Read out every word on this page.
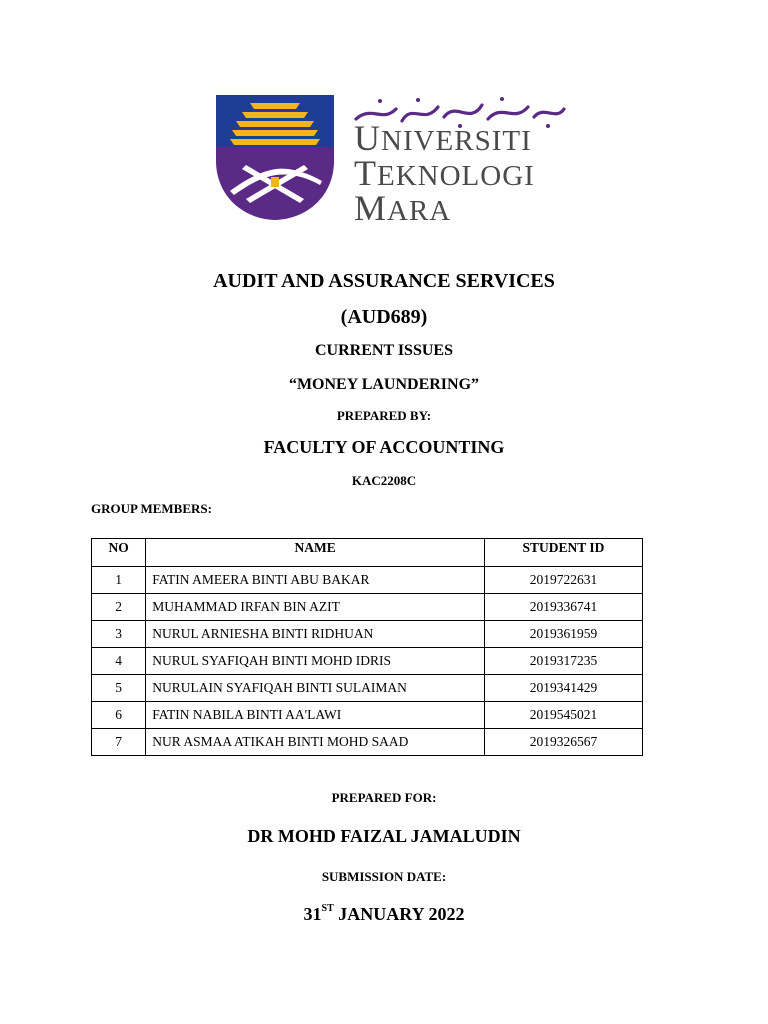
UNIVERSITI
TEKNOLOGI
MARA
AUDIT AND ASSURANCE SERVICES
(AUD689)
CURRENT ISSUES
“MONEY LAUNDERING”
PREPARED BY:
FACULTY OF ACCOUNTING
KAC2208C
GROUP MEMBERS:
NO	NAME	STUDENT ID
1	FATIN AMEERA BINTI ABU BAKAR	2019722631
2	MUHAMMAD IRFAN BIN AZIT	2019336741
3	NURUL ARNIESHA BINTI RIDHUAN	2019361959
4	NURUL SYAFIQAH BINTI MOHD IDRIS	2019317235
5	NURULAIN SYAFIQAH BINTI SULAIMAN	2019341429
6	FATIN NABILA BINTI AA'LAWI	2019545021
7	NUR ASMAA ATIKAH BINTI MOHD SAAD	2019326567
PREPARED FOR:
DR MOHD FAIZAL JAMALUDIN
SUBMISSION DATE:
31ST JANUARY 2022
